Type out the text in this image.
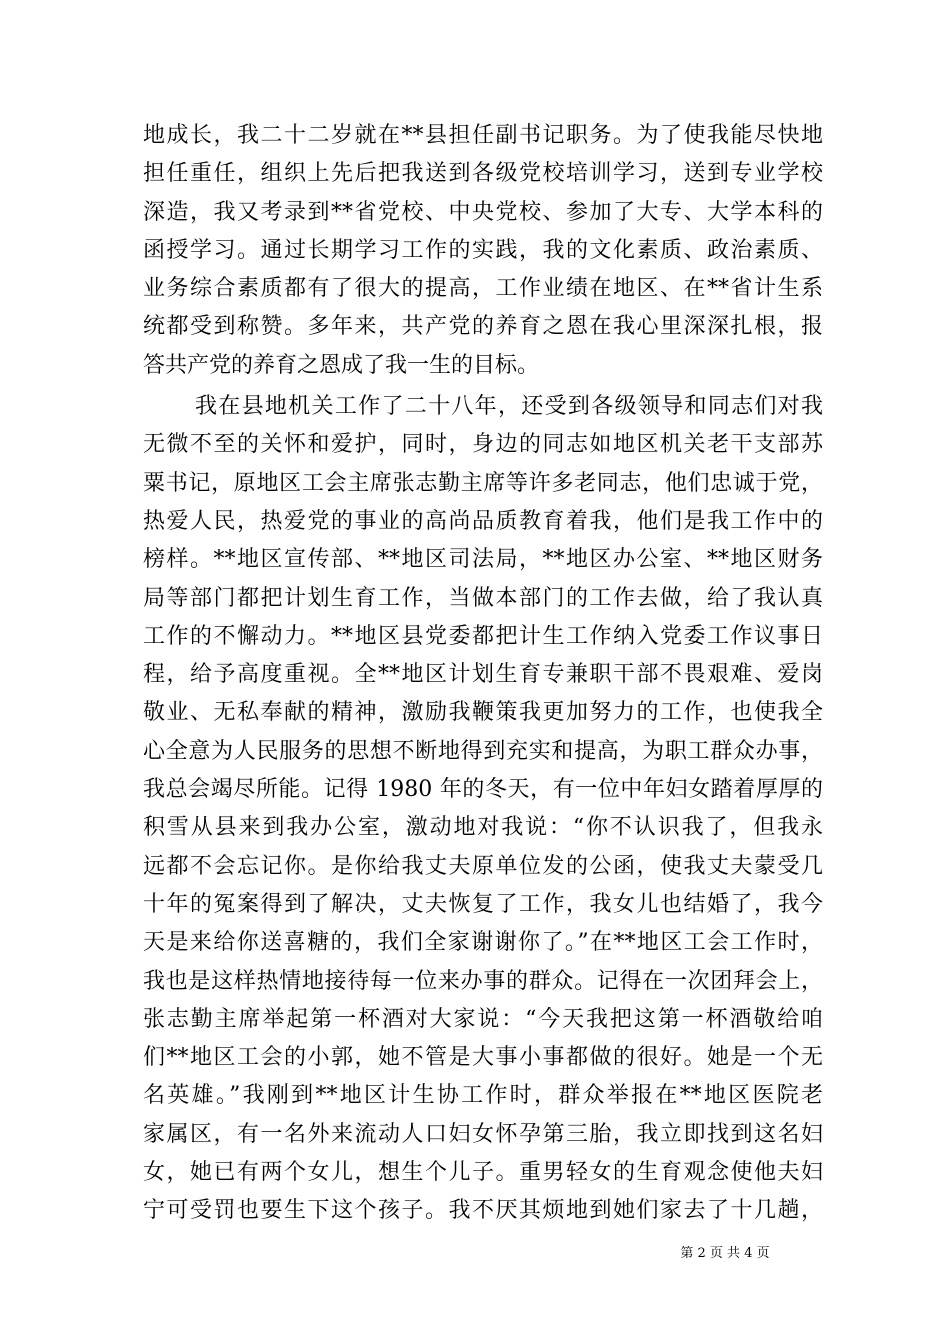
地成长，我二十二岁就在**县担任副书记职务。为了使我能尽快地
担任重任，组织上先后把我送到各级党校培训学习，送到专业学校
深造，我又考录到**省党校、中央党校、参加了大专、大学本科的
函授学习。通过长期学习工作的实践，我的文化素质、政治素质、
业务综合素质都有了很大的提高，工作业绩在地区、在**省计生系
统都受到称赞。多年来，共产党的养育之恩在我心里深深扎根，报
答共产党的养育之恩成了我一生的目标。
我在县地机关工作了二十八年，还受到各级领导和同志们对我
无微不至的关怀和爱护，同时，身边的同志如地区机关老干支部苏
粟书记，原地区工会主席张志勤主席等许多老同志，他们忠诚于党，
热爱人民，热爱党的事业的高尚品质教育着我，他们是我工作中的
榜样。**地区宣传部、**地区司法局，**地区办公室、**地区财务
局等部门都把计划生育工作，当做本部门的工作去做，给了我认真
工作的不懈动力。**地区县党委都把计生工作纳入党委工作议事日
程，给予高度重视。全**地区计划生育专兼职干部不畏艰难、爱岗
敬业、无私奉献的精神，激励我鞭策我更加努力的工作，也使我全
心全意为人民服务的思想不断地得到充实和提高，为职工群众办事，
我总会竭尽所能。记得 1980 年的冬天，有一位中年妇女踏着厚厚的
积雪从县来到我办公室，激动地对我说：“你不认识我了，但我永
远都不会忘记你。是你给我丈夫原单位发的公函，使我丈夫蒙受几
十年的冤案得到了解决，丈夫恢复了工作，我女儿也结婚了，我今
天是来给你送喜糖的，我们全家谢谢你了。”在**地区工会工作时，
我也是这样热情地接待每一位来办事的群众。记得在一次团拜会上，
张志勤主席举起第一杯酒对大家说：“今天我把这第一杯酒敬给咱
们**地区工会的小郭，她不管是大事小事都做的很好。她是一个无
名英雄。”我刚到**地区计生协工作时，群众举报在**地区医院老
家属区，有一名外来流动人口妇女怀孕第三胎，我立即找到这名妇
女，她已有两个女儿，想生个儿子。重男轻女的生育观念使他夫妇
宁可受罚也要生下这个孩子。我不厌其烦地到她们家去了十几趟，
第 2 页 共 4 页
